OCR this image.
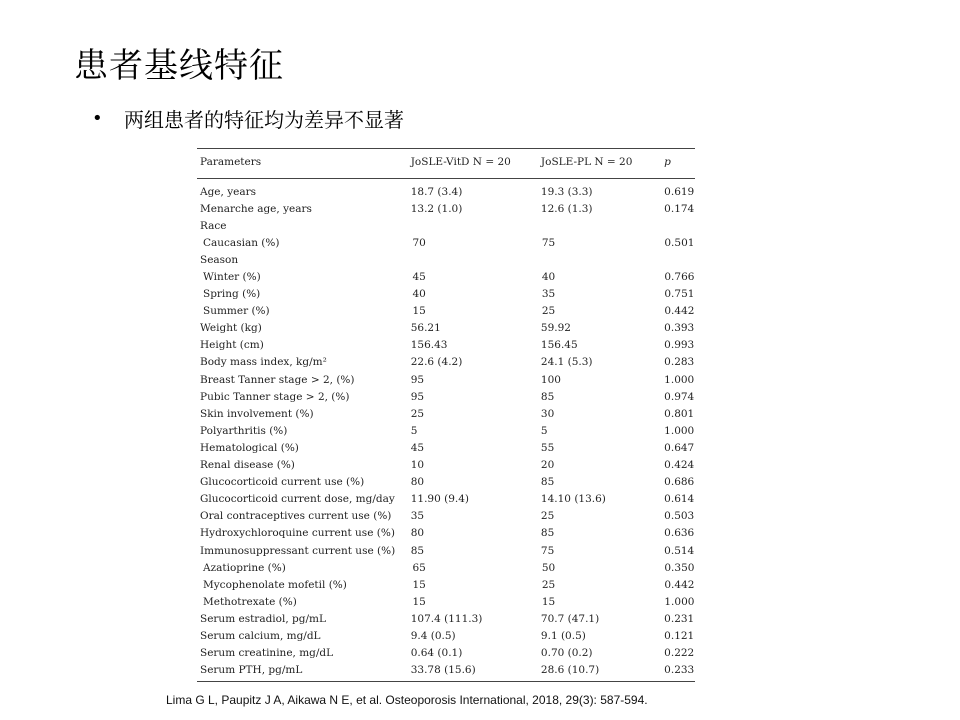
患者基线特征
•	两组患者的特征均为差异不显著
Parameters	JoSLE-VitD N = 20	JoSLE-PL N = 20	p
Age, years	18.7 (3.4)	19.3 (3.3)	0.619
Menarche age, years	13.2 (1.0)	12.6 (1.3)	0.174
Race
Caucasian (%)	70	75	0.501
Season
Winter (%)	45	40	0.766
Spring (%)	40	35	0.751
Summer (%)	15	25	0.442
Weight (kg)	56.21	59.92	0.393
Height (cm)	156.43	156.45	0.993
Body mass index, kg/m²	22.6 (4.2)	24.1 (5.3)	0.283
Breast Tanner stage > 2, (%)	95	100	1.000
Pubic Tanner stage > 2, (%)	95	85	0.974
Skin involvement (%)	25	30	0.801
Polyarthritis (%)	5	5	1.000
Hematological (%)	45	55	0.647
Renal disease (%)	10	20	0.424
Glucocorticoid current use (%)	80	85	0.686
Glucocorticoid current dose, mg/day	11.90 (9.4)	14.10 (13.6)	0.614
Oral contraceptives current use (%)	35	25	0.503
Hydroxychloroquine current use (%)	80	85	0.636
Immunosuppressant current use (%)	85	75	0.514
Azatioprine (%)	65	50	0.350
Mycophenolate mofetil (%)	15	25	0.442
Methotrexate (%)	15	15	1.000
Serum estradiol, pg/mL	107.4 (111.3)	70.7 (47.1)	0.231
Serum calcium, mg/dL	9.4 (0.5)	9.1 (0.5)	0.121
Serum creatinine, mg/dL	0.64 (0.1)	0.70 (0.2)	0.222
Serum PTH, pg/mL	33.78 (15.6)	28.6 (10.7)	0.233
Lima G L, Paupitz J A, Aikawa N E, et al. Osteoporosis International, 2018, 29(3): 587-594.
